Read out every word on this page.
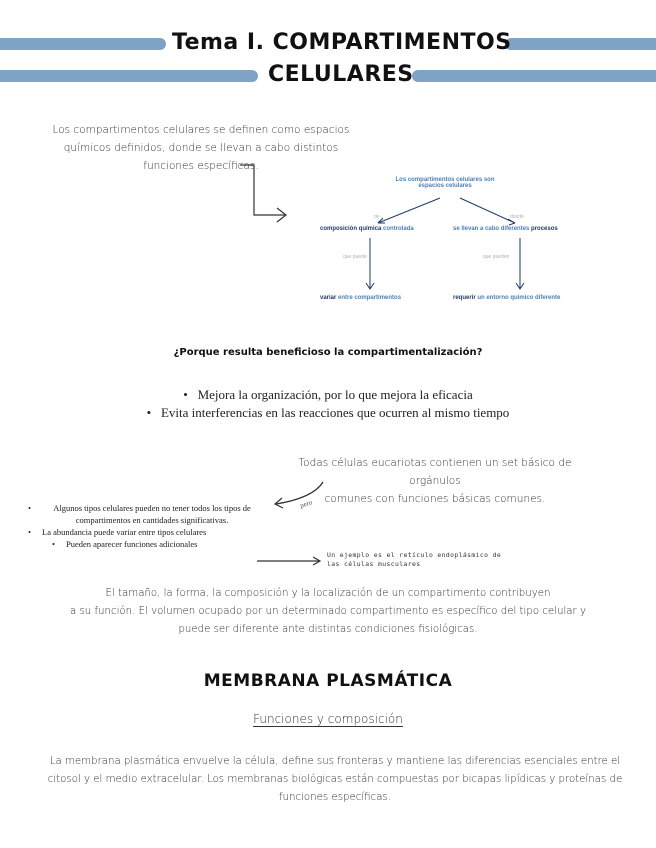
Tema I. COMPARTIMENTOS
CELULARES
Los compartimentos celulares se definen como espacios químicos definidos, donde se llevan a cabo distintos funciones específicas.
Los compartimentos celulares son
espacios celulares
de	donde
composición química controlada	se llevan a cabo diferentes procesos
que puede	que pueden
variar entre compartimentos	requerir un entorno químico diferente
¿Porque resulta beneficioso la compartimentalización?
•   Mejora la organización, por lo que mejora la eficacia
•   Evita interferencias en las reacciones que ocurren al mismo tiempo
Todas células eucariotas contienen un set básico de orgánulos
comunes con funciones básicas comunes.
pero
•	Algunos tipos celulares pueden no tener todos los tipos de compartimentos en cantidades significativas.
•	La abundancia puede variar entre tipos celulares
•	Pueden aparecer funciones adicionales
Un ejemplo es el retículo endoplásmico de
las células musculares
El tamaño, la forma, la composición y la localización de un compartimento contribuyen
a su función. El volumen ocupado por un determinado compartimento es específico del tipo celular y
puede ser diferente ante distintas condiciones fisiológicas.
MEMBRANA PLASMÁTICA
Funciones y composición
La membrana plasmática envuelve la célula, define sus fronteras y mantiene las diferencias esenciales entre el
citosol y el medio extracelular. Los membranas biológicas están compuestas por bicapas lipídicas y proteínas de
funciones específicas.
